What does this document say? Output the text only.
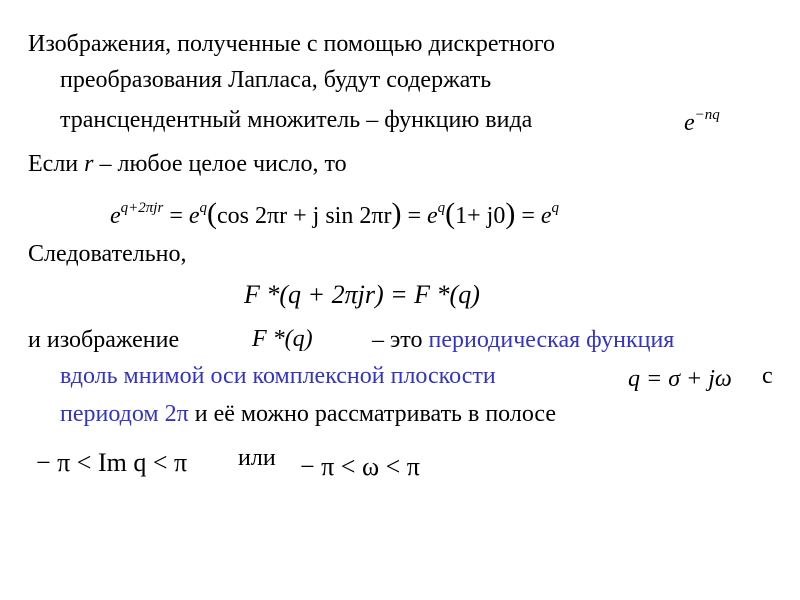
Изображения, полученные с помощью дискретного
преобразования Лапласа, будут содержать
трансцендентный множитель – функцию вида	$e^{-nq}$
Если r – любое целое число, то
$e^{q+2\pi jr} = e^q(\cos$ 2πr + j $\sin 2\pi r) = e^q(1+ j0) = e^q$
Следовательно,
F *(q + 2πjr) = F *(q)
и изображение	F *(q) – это периодическая функция
вдоль мнимой оси комплексной плоскости	q = σ + jω с
периодом 2π и её можно рассматривать в полосе
− π < Im q < π или − π < ω < π
